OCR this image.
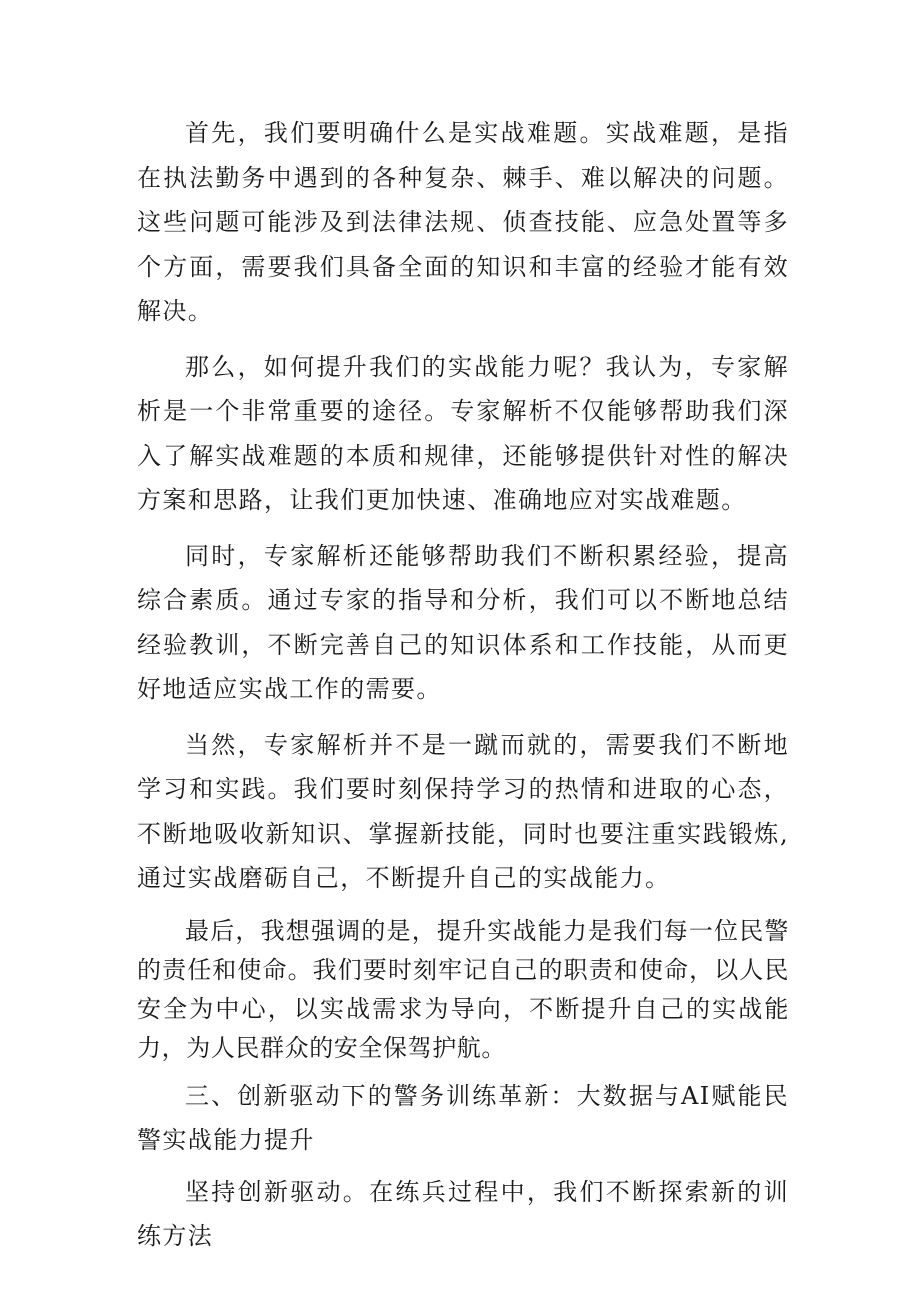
首先，我们要明确什么是实战难题。实战难题，是指在执法勤务中遇到的各种复杂、棘手、难以解决的问题。这些问题可能涉及到法律法规、侦查技能、应急处置等多个方面，需要我们具备全面的知识和丰富的经验才能有效解决。

那么，如何提升我们的实战能力呢？我认为，专家解析是一个非常重要的途径。专家解析不仅能够帮助我们深入了解实战难题的本质和规律，还能够提供针对性的解决方案和思路，让我们更加快速、准确地应对实战难题。

同时，专家解析还能够帮助我们不断积累经验，提高综合素质。通过专家的指导和分析，我们可以不断地总结经验教训，不断完善自己的知识体系和工作技能，从而更好地适应实战工作的需要。

当然，专家解析并不是一蹴而就的，需要我们不断地学习和实践。我们要时刻保持学习的热情和进取的心态，不断地吸收新知识、掌握新技能，同时也要注重实践锻炼,通过实战磨砺自己，不断提升自己的实战能力。

最后，我想强调的是，提升实战能力是我们每一位民警的责任和使命。我们要时刻牢记自己的职责和使命，以人民安全为中心，以实战需求为导向，不断提升自己的实战能力，为人民群众的安全保驾护航。

三、创新驱动下的警务训练革新：大数据与AI赋能民警实战能力提升

坚持创新驱动。在练兵过程中，我们不断探索新的训练方法
